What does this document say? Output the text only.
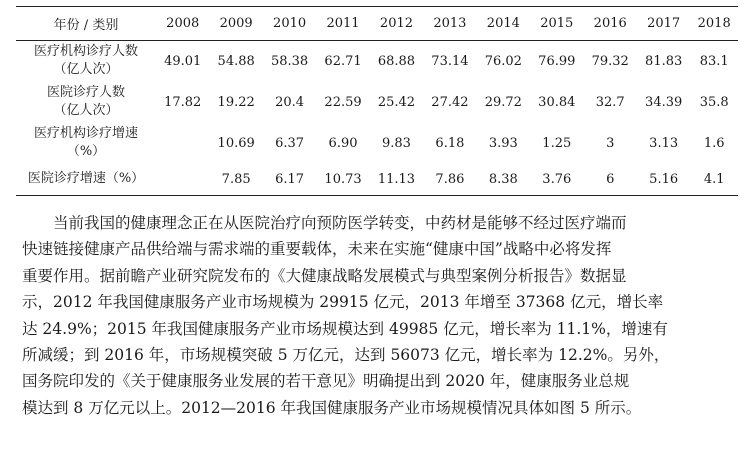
年份 / 类别	2008	2009	2010	2011	2012	2013	2014	2015	2016	2017	2018
医疗机构诊疗人数
（亿人次）	49.01	54.88	58.38	62.71	68.88	73.14	76.02	76.99	79.32	81.83	83.1
医院诊疗人数
（亿人次）	17.82	19.22	20.4	22.59	25.42	27.42	29.72	30.84	32.7	34.39	35.8
医疗机构诊疗增速
（%）		10.69	6.37	6.90	9.83	6.18	3.93	1.25	3	3.13	1.6
医院诊疗增速（%）		7.85	6.17	10.73	11.13	7.86	8.38	3.76	6	5.16	4.1
当前我国的健康理念正在从医院治疗向预防医学转变，中药材是能够不经过医疗端而
快速链接健康产品供给端与需求端的重要载体，未来在实施“健康中国”战略中必将发挥
重要作用。据前瞻产业研究院发布的《大健康战略发展模式与典型案例分析报告》数据显
示，2012 年我国健康服务产业市场规模为 29915 亿元，2013 年增至 37368 亿元，增长率
达 24.9%；2015 年我国健康服务产业市场规模达到 49985 亿元，增长率为 11.1%，增速有
所减缓；到 2016 年，市场规模突破 5 万亿元，达到 56073 亿元，增长率为 12.2%。另外，
国务院印发的《关于健康服务业发展的若干意见》明确提出到 2020 年，健康服务业总规
模达到 8 万亿元以上。2012—2016 年我国健康服务产业市场规模情况具体如图 5 所示。
